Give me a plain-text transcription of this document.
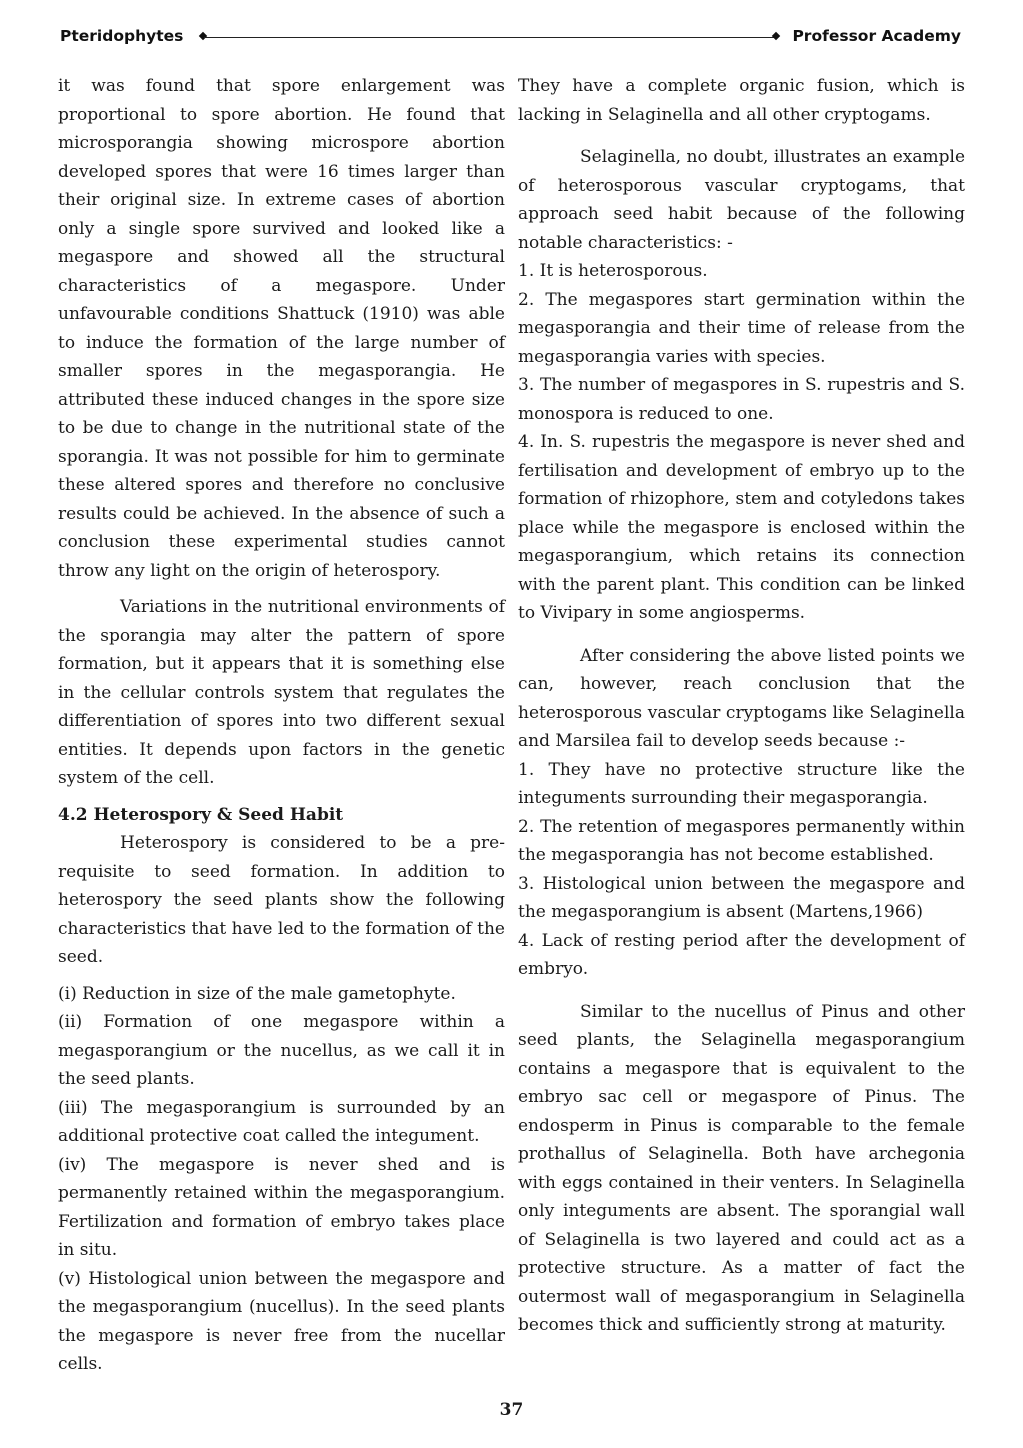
Pteridophytes	Professor Academy

it was found that spore enlargement was proportional to spore abortion. He found that microsporangia showing microspore abortion developed spores that were 16 times larger than their original size. In extreme cases of abortion only a single spore survived and looked like a megaspore and showed all the structural characteristics of a megaspore. Under unfavourable conditions Shattuck (1910) was able to induce the formation of the large number of smaller spores in the megasporangia. He attributed these induced changes in the spore size to be due to change in the nutritional state of the sporangia. It was not possible for him to germinate these altered spores and therefore no conclusive results could be achieved. In the absence of such a conclusion these experimental studies cannot throw any light on the origin of heterospory.

Variations in the nutritional environments of the sporangia may alter the pattern of spore formation, but it appears that it is something else in the cellular controls system that regulates the differentiation of spores into two different sexual entities. It depends upon factors in the genetic system of the cell.

4.2 Heterospory & Seed Habit

Heterospory is considered to be a pre-requisite to seed formation. In addition to heterospory the seed plants show the following characteristics that have led to the formation of the seed.

(i) Reduction in size of the male gametophyte.

(ii) Formation of one megaspore within a megasporangium or the nucellus, as we call it in the seed plants.

(iii) The megasporangium is surrounded by an additional protective coat called the integument.

(iv) The megaspore is never shed and is permanently retained within the megasporangium. Fertilization and formation of embryo takes place in situ.

(v) Histological union between the megaspore and the megasporangium (nucellus). In the seed plants the megaspore is never free from the nucellar cells.

They have a complete organic fusion, which is lacking in Selaginella and all other cryptogams.

Selaginella, no doubt, illustrates an example of heterosporous vascular cryptogams, that approach seed habit because of the following notable characteristics: -

1. It is heterosporous.

2. The megaspores start germination within the megasporangia and their time of release from the megasporangia varies with species.

3. The number of megaspores in S. rupestris and S. monospora is reduced to one.

4. In. S. rupestris the megaspore is never shed and fertilisation and development of embryo up to the formation of rhizophore, stem and cotyledons takes place while the megaspore is enclosed within the megasporangium, which retains its connection with the parent plant. This condition can be linked to Vivipary in some angiosperms.

After considering the above listed points we can, however, reach conclusion that the heterosporous vascular cryptogams like Selaginella and Marsilea fail to develop seeds because :-

1. They have no protective structure like the integuments surrounding their megasporangia.

2. The retention of megaspores permanently within the megasporangia has not become established.

3. Histological union between the megaspore and the megasporangium is absent (Martens,1966)

4. Lack of resting period after the development of embryo.

Similar to the nucellus of Pinus and other seed plants, the Selaginella megasporangium contains a megaspore that is equivalent to the embryo sac cell or megaspore of Pinus. The endosperm in Pinus is comparable to the female prothallus of Selaginella. Both have archegonia with eggs contained in their venters. In Selaginella only integuments are absent. The sporangial wall of Selaginella is two layered and could act as a protective structure. As a matter of fact the outermost wall of megasporangium in Selaginella becomes thick and sufficiently strong at maturity.

37
